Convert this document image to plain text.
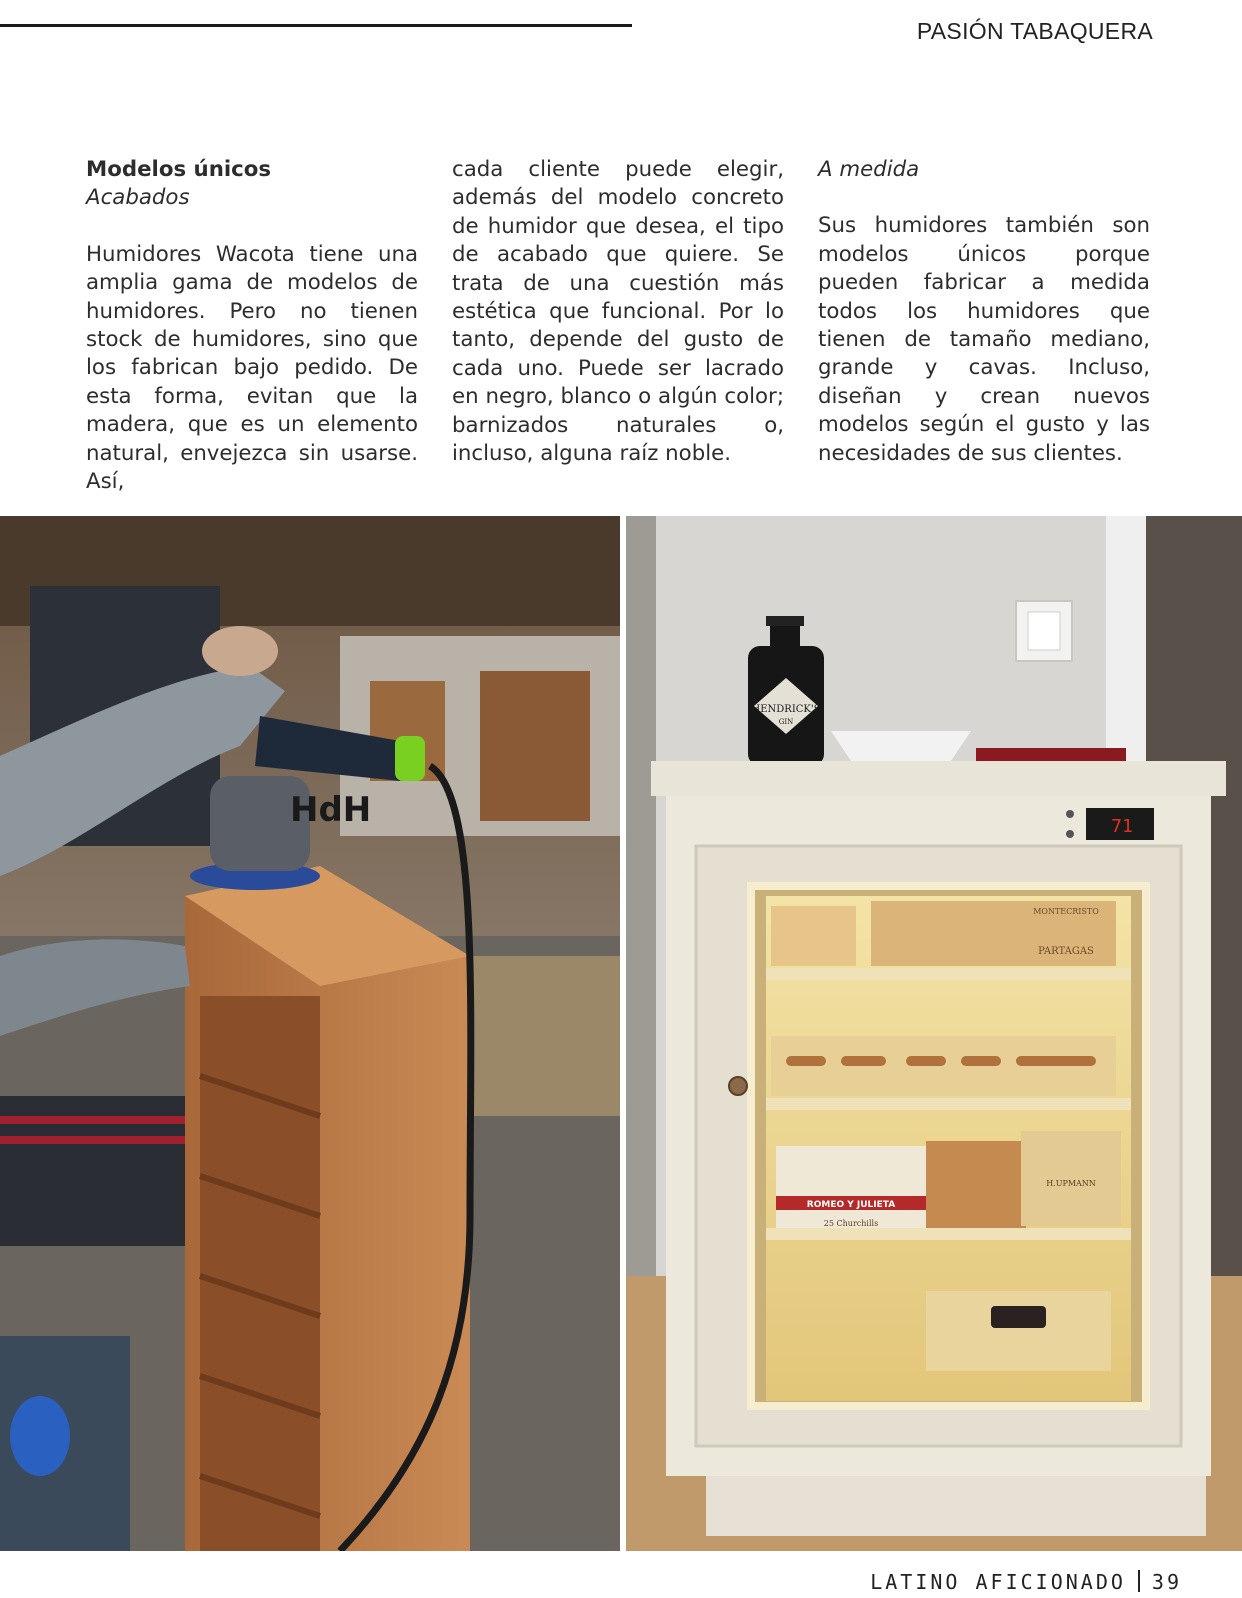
PASIÓN TABAQUERA

Modelos únicos

Acabados

Humidores Wacota tiene una amplia gama de modelos de humidores. Pero no tienen stock de humidores, sino que los fabrican bajo pedido. De esta forma, evitan que la madera, que es un elemento natural, envejezca sin usarse. Así,

cada cliente puede elegir, además del modelo concreto de humidor que desea, el tipo de acabado que quiere. Se trata de una cuestión más estética que funcional. Por lo tanto, depende del gusto de cada uno. Puede ser lacrado en negro, blanco o algún color; barnizados naturales o, incluso, alguna raíz noble.

A medida

Sus humidores también son modelos únicos porque pueden fabricar a medida todos los humidores que tienen de tamaño mediano, grande y cavas. Incluso, diseñan y crean nuevos modelos según el gusto y las necesidades de sus clientes.

HdH
HENDRICK'S
GIN
71
MONTECRISTO
PARTAGAS
ROMEO Y JULIETA
25 Churchills
H.UPMANN
LATINO AFICIONADO 39
